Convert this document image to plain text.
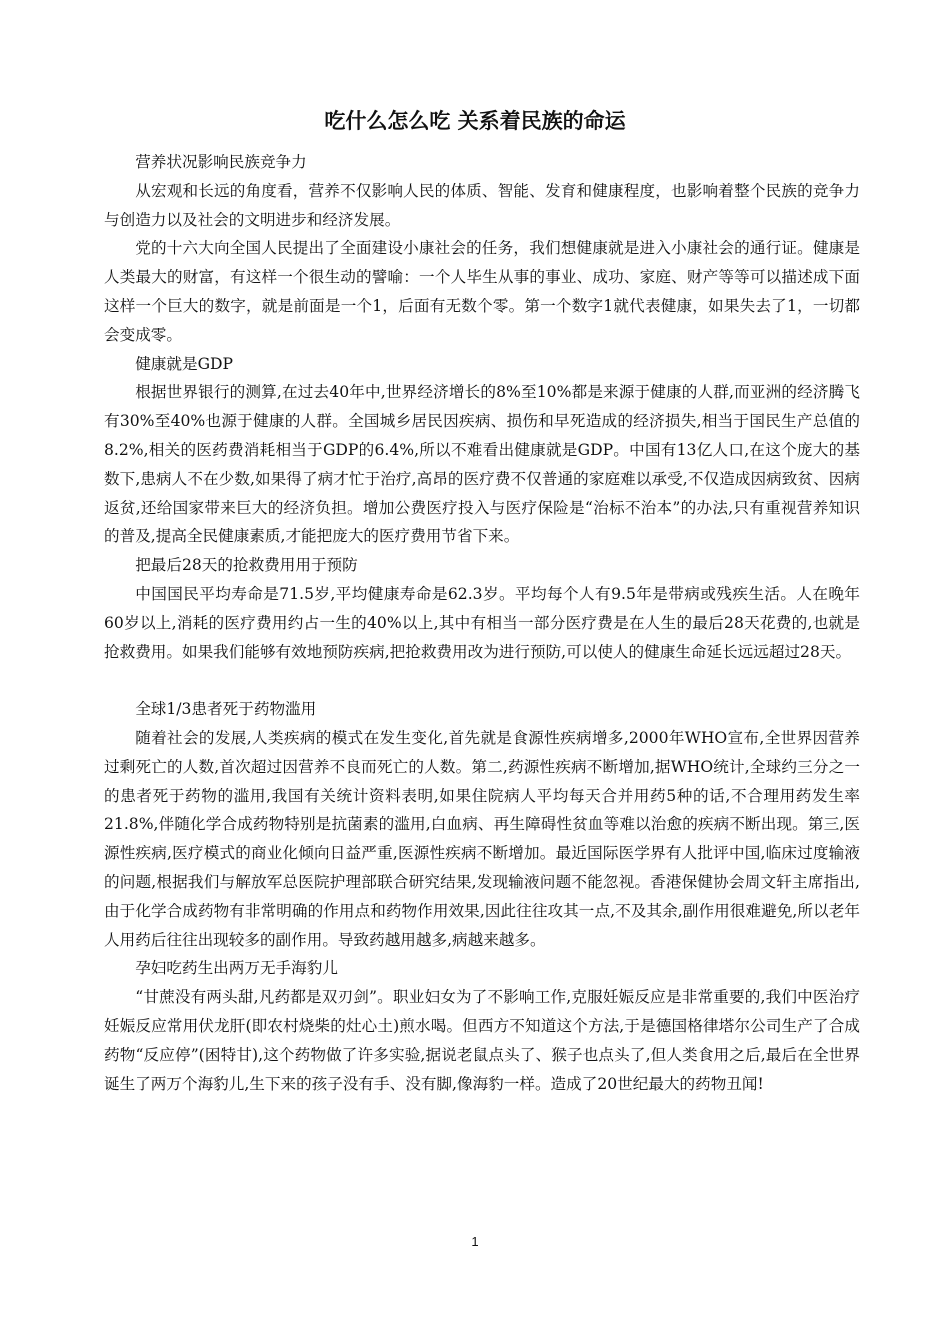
吃什么怎么吃 关系着民族的命运

营养状况影响民族竞争力

从宏观和长远的角度看，营养不仅影响人民的体质、智能、发育和健康程度，也影响着整个民族的竞争力与创造力以及社会的文明进步和经济发展。

党的十六大向全国人民提出了全面建设小康社会的任务，我们想健康就是进入小康社会的通行证。健康是人类最大的财富，有这样一个很生动的譬喻：一个人毕生从事的事业、成功、家庭、财产等等可以描述成下面这样一个巨大的数字，就是前面是一个1，后面有无数个零。第一个数字1就代表健康，如果失去了1，一切都会变成零。

健康就是GDP

根据世界银行的测算,在过去40年中,世界经济增长的8%至10%都是来源于健康的人群,而亚洲的经济腾飞有30%至40%也源于健康的人群。全国城乡居民因疾病、损伤和早死造成的经济损失,相当于国民生产总值的8.2%,相关的医药费消耗相当于GDP的6.4%,所以不难看出健康就是GDP。中国有13亿人口,在这个庞大的基数下,患病人不在少数,如果得了病才忙于治疗,高昂的医疗费不仅普通的家庭难以承受,不仅造成因病致贫、因病返贫,还给国家带来巨大的经济负担。增加公费医疗投入与医疗保险是“治标不治本”的办法,只有重视营养知识的普及,提高全民健康素质,才能把庞大的医疗费用节省下来。

把最后28天的抢救费用用于预防

中国国民平均寿命是71.5岁,平均健康寿命是62.3岁。平均每个人有9.5年是带病或残疾生活。人在晚年60岁以上,消耗的医疗费用约占一生的40%以上,其中有相当一部分医疗费是在人生的最后28天花费的,也就是抢救费用。如果我们能够有效地预防疾病,把抢救费用改为进行预防,可以使人的健康生命延长远远超过28天。

全球1/3患者死于药物滥用

随着社会的发展,人类疾病的模式在发生变化,首先就是食源性疾病增多,2000年WHO宣布,全世界因营养过剩死亡的人数,首次超过因营养不良而死亡的人数。第二,药源性疾病不断增加,据WHO统计,全球约三分之一的患者死于药物的滥用,我国有关统计资料表明,如果住院病人平均每天合并用药5种的话,不合理用药发生率21.8%,伴随化学合成药物特别是抗菌素的滥用,白血病、再生障碍性贫血等难以治愈的疾病不断出现。第三,医源性疾病,医疗模式的商业化倾向日益严重,医源性疾病不断增加。最近国际医学界有人批评中国,临床过度输液的问题,根据我们与解放军总医院护理部联合研究结果,发现输液问题不能忽视。香港保健协会周文轩主席指出,由于化学合成药物有非常明确的作用点和药物作用效果,因此往往攻其一点,不及其余,副作用很难避免,所以老年人用药后往往出现较多的副作用。导致药越用越多,病越来越多。

孕妇吃药生出两万无手海豹儿

“甘蔗没有两头甜,凡药都是双刃剑”。职业妇女为了不影响工作,克服妊娠反应是非常重要的,我们中医治疗妊娠反应常用伏龙肝(即农村烧柴的灶心土)煎水喝。但西方不知道这个方法,于是德国格律塔尔公司生产了合成药物“反应停”(困特甘),这个药物做了许多实验,据说老鼠点头了、猴子也点头了,但人类食用之后,最后在全世界诞生了两万个海豹儿,生下来的孩子没有手、没有脚,像海豹一样。造成了20世纪最大的药物丑闻!

1
